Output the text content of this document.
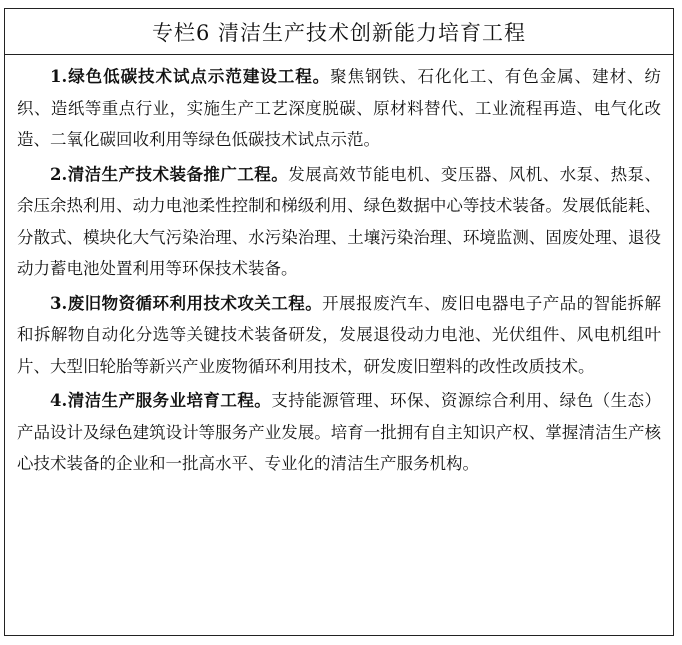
专栏6 清洁生产技术创新能力培育工程

1.绿色低碳技术试点示范建设工程。聚焦钢铁、石化化工、有色金属、建材、纺织、造纸等重点行业，实施生产工艺深度脱碳、原材料替代、工业流程再造、电气化改造、二氧化碳回收利用等绿色低碳技术试点示范。

2.清洁生产技术装备推广工程。发展高效节能电机、变压器、风机、水泵、热泵、余压余热利用、动力电池柔性控制和梯级利用、绿色数据中心等技术装备。发展低能耗、分散式、模块化大气污染治理、水污染治理、土壤污染治理、环境监测、固废处理、退役动力蓄电池处置利用等环保技术装备。

3.废旧物资循环利用技术攻关工程。开展报废汽车、废旧电器电子产品的智能拆解和拆解物自动化分选等关键技术装备研发，发展退役动力电池、光伏组件、风电机组叶片、大型旧轮胎等新兴产业废物循环利用技术，研发废旧塑料的改性改质技术。

4.清洁生产服务业培育工程。支持能源管理、环保、资源综合利用、绿色（生态）产品设计及绿色建筑设计等服务产业发展。培育一批拥有自主知识产权、掌握清洁生产核心技术装备的企业和一批高水平、专业化的清洁生产服务机构。
